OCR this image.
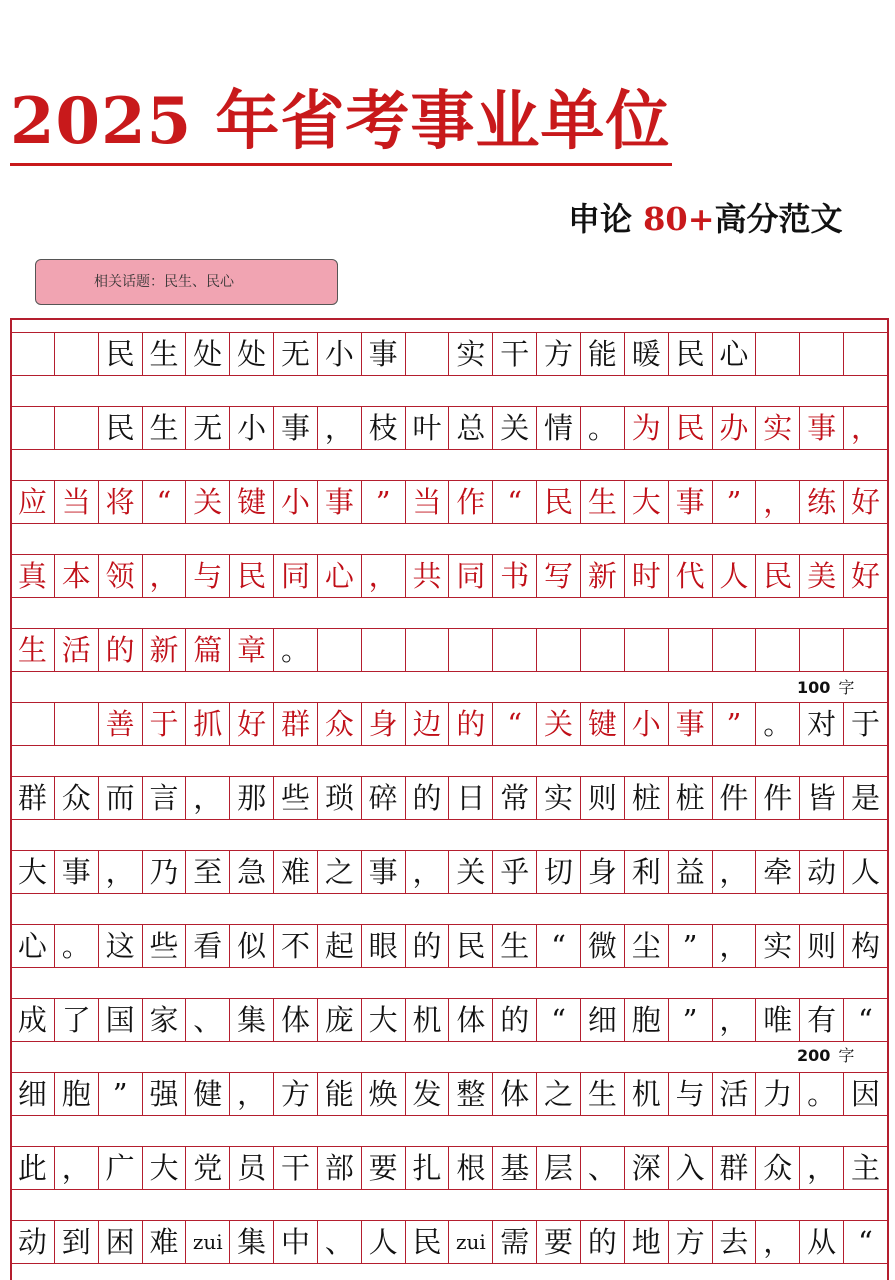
2025 年省考事业单位
申论 80+高分范文
相关话题：民生、民心
民 生 处 处 无 小 事 实 干 方 能 暖 民 心
民 生 无 小 事 ， 枝 叶 总 关 情 。 为 民 办 实 事 ，
应 当 将 “ 关 键 小 事 ” 当 作 “ 民 生 大 事 ” ， 练 好
真 本 领 ， 与 民 同 心 ， 共 同 书 写 新 时 代 人 民 美 好
生 活 的 新 篇 章 。
善 于 抓 好 群 众 身 边 的 “ 关 键 小 事 ” 。 对 于
群 众 而 言 ， 那 些 琐 碎 的 日 常 实 则 桩 桩 件 件 皆 是
大 事 ， 乃 至 急 难 之 事 ， 关 乎 切 身 利 益 ， 牵 动 人
心 。 这 些 看 似 不 起 眼 的 民 生 “ 微 尘 ” ， 实 则 构
成 了 国 家 、 集 体 庞 大 机 体 的 “ 细 胞 ” ， 唯 有 “
细 胞 ” 强 健 ， 方 能 焕 发 整 体 之 生 机 与 活 力 。 因
此 ， 广 大 党 员 干 部 要 扎 根 基 层 、 深 入 群 众 ， 主
动 到 困 难 zui 集 中 、 人 民 zui 需 要 的 地 方 去 ， 从 “
100 字
200 字
